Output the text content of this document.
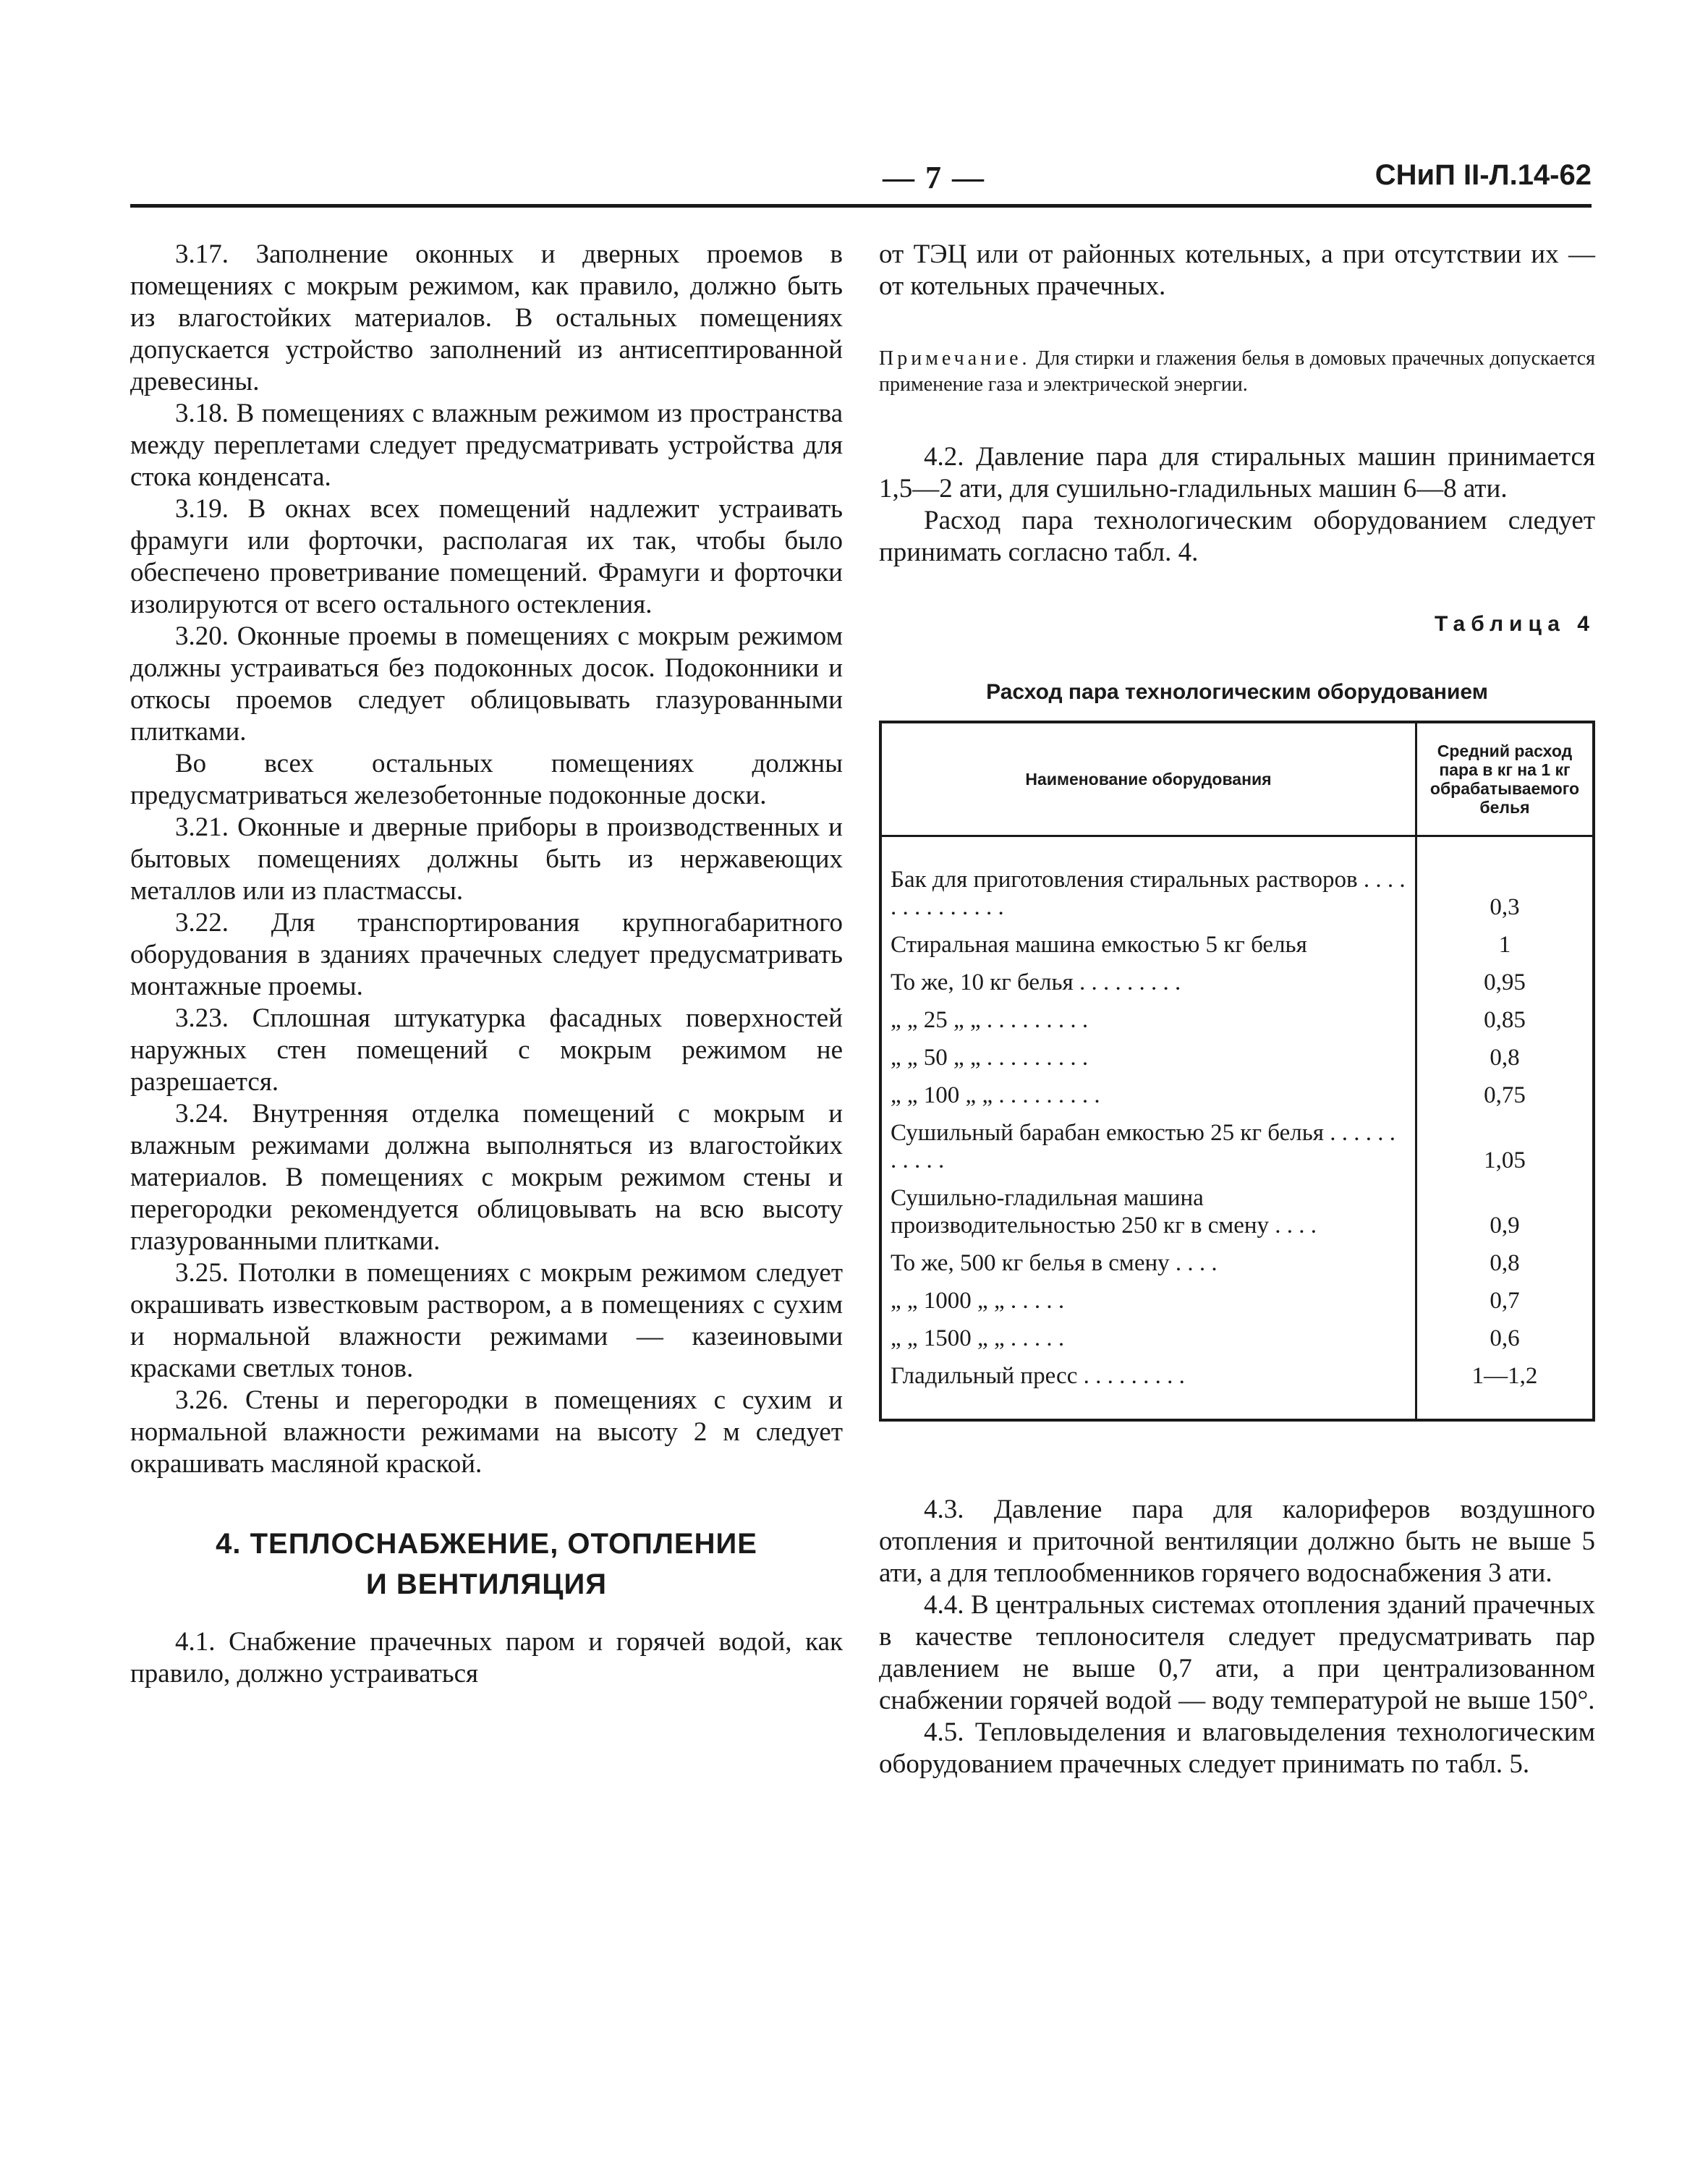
— 7 —	СНиП II-Л.14-62

3.17. Заполнение оконных и дверных проемов в помещениях с мокрым режимом, как правило, должно быть из влагостойких материалов. В остальных помещениях допускается устройство заполнений из антисептированной древесины.

3.18. В помещениях с влажным режимом из пространства между переплетами следует предусматривать устройства для стока конденсата.

3.19. В окнах всех помещений надлежит устраивать фрамуги или форточки, располагая их так, чтобы было обеспечено проветривание помещений. Фрамуги и форточки изолируются от всего остального остекления.

3.20. Оконные проемы в помещениях с мокрым режимом должны устраиваться без подоконных досок. Подоконники и откосы проемов следует облицовывать глазурованными плитками.

Во всех остальных помещениях должны предусматриваться железобетонные подоконные доски.

3.21. Оконные и дверные приборы в производственных и бытовых помещениях должны быть из нержавеющих металлов или из пластмассы.

3.22. Для транспортирования крупногабаритного оборудования в зданиях прачечных следует предусматривать монтажные проемы.

3.23. Сплошная штукатурка фасадных поверхностей наружных стен помещений с мокрым режимом не разрешается.

3.24. Внутренняя отделка помещений с мокрым и влажным режимами должна выполняться из влагостойких материалов. В помещениях с мокрым режимом стены и перегородки рекомендуется облицовывать на всю высоту глазурованными плитками.

3.25. Потолки в помещениях с мокрым режимом следует окрашивать известковым раствором, а в помещениях с сухим и нормальной влажности режимами — казеиновыми красками светлых тонов.

3.26. Стены и перегородки в помещениях с сухим и нормальной влажности режимами на высоту 2 м следует окрашивать масляной краской.

4. ТЕПЛОСНАБЖЕНИЕ, ОТОПЛЕНИЕ
И ВЕНТИЛЯЦИЯ

4.1. Снабжение прачечных паром и горячей водой, как правило, должно устраиваться

от ТЭЦ или от районных котельных, а при отсутствии их — от котельных прачечных.

Примечание. Для стирки и глажения белья в домовых прачечных допускается применение газа и электрической энергии.

4.2. Давление пара для стиральных машин принимается 1,5—2 ати, для сушильно-гладильных машин 6—8 ати.

Расход пара технологическим оборудованием следует принимать согласно табл. 4.

Таблица 4
Расход пара технологическим оборудованием
Наименование оборудования	Средний расход пара в кг на 1 кг обрабатываемого белья
Бак для приготовления стиральных растворов . . . . . . . . . . . . . .	0,3
Стиральная машина емкостью 5 кг белья	1
То же, 10 кг белья . . . . . . . . .	0,95
„ „ 25 „ „ . . . . . . . . .	0,85
„ „ 50 „ „ . . . . . . . . .	0,8
„ „ 100 „ „ . . . . . . . . .	0,75
Сушильный барабан емкостью 25 кг белья . . . . . . . . . . .	1,05
Сушильно-гладильная машина производительностью 250 кг в смену . . . .	0,9
То же, 500 кг белья в смену . . . .	0,8
„ „ 1000 „ „ . . . . .	0,7
„ „ 1500 „ „ . . . . .	0,6
Гладильный пресс . . . . . . . . .	1—1,2

4.3. Давление пара для калориферов воздушного отопления и приточной вентиляции должно быть не выше 5 ати, а для теплообменников горячего водоснабжения 3 ати.

4.4. В центральных системах отопления зданий прачечных в качестве теплоносителя следует предусматривать пар давлением не выше 0,7 ати, а при централизованном снабжении горячей водой — воду температурой не выше 150°.

4.5. Тепловыделения и влаговыделения технологическим оборудованием прачечных следует принимать по табл. 5.
